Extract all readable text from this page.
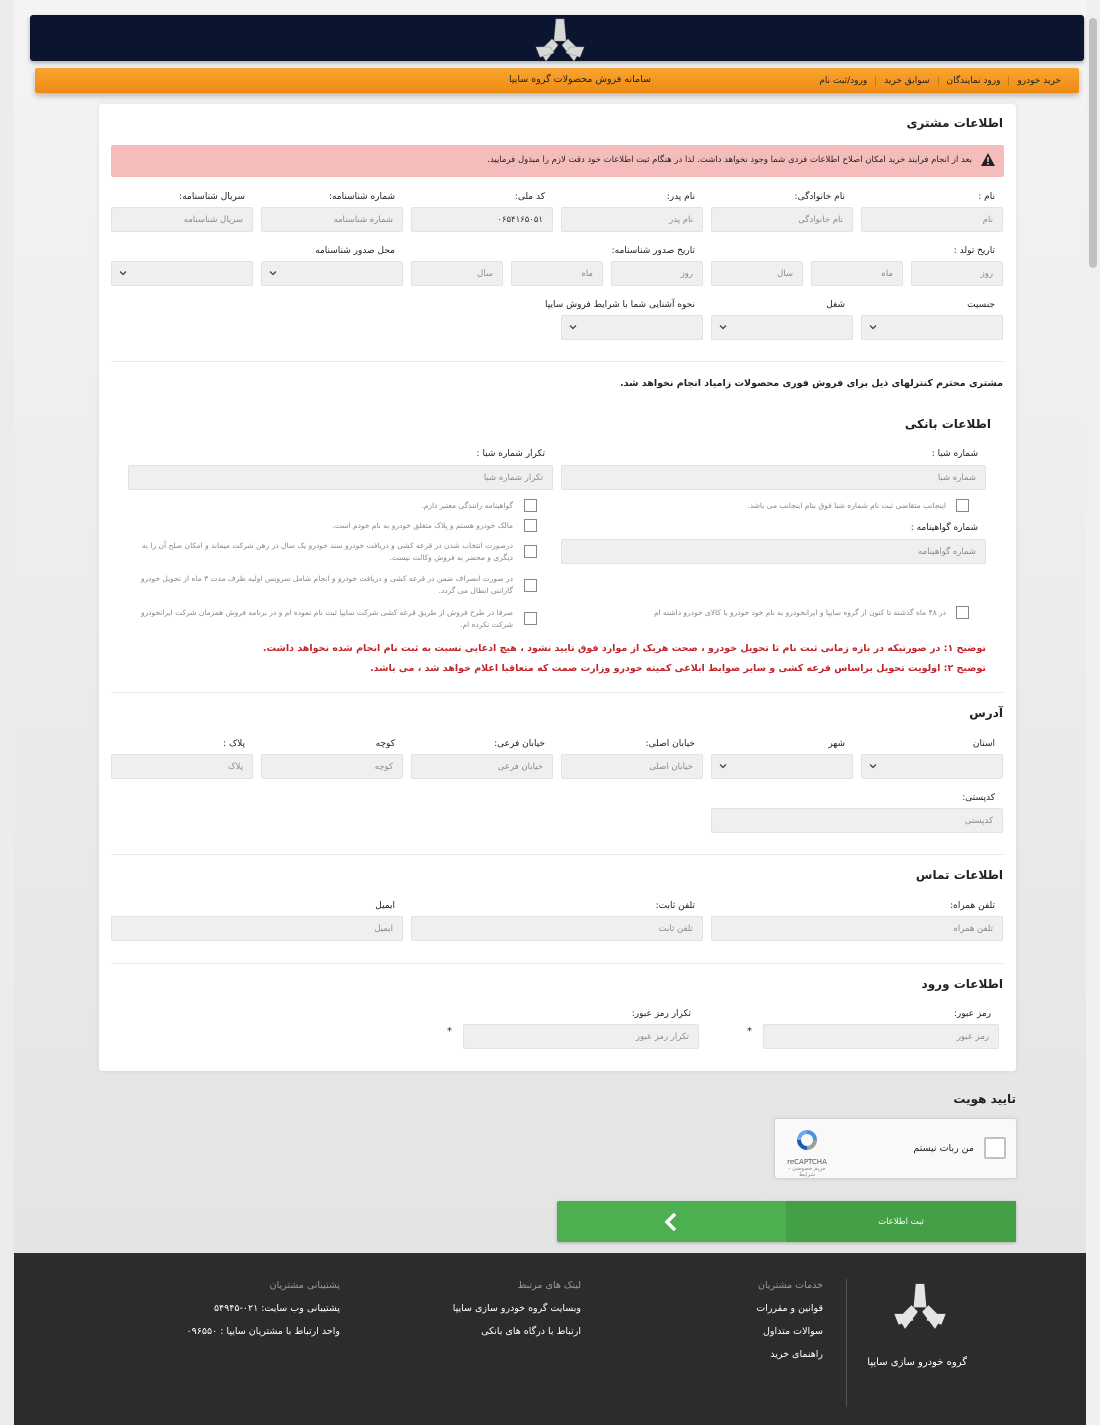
خرید خودرو
ورود نمایندگان
سوابق خرید
ورود/ثبت نام
سامانه فروش محصولات گروه سایپا
اطلاعات مشتری
بعد از انجام فرایند خرید امکان اصلاح اطلاعات فردی شما وجود نخواهد داشت. لذا در هنگام ثبت اطلاعات خود دقت لازم را مبذول فرمایید.
نام :
نام
نام خانوادگی:
نام خانوادگی
نام پدر:
نام پدر
کد ملی:
۰۶۵۴۱۶۵۰۵۱
شماره شناسنامه:
شماره شناسنامه
سریال شناسنامه:
سریال شناسنامه
تاریخ تولد :
روز
ماه
سال
تاریخ صدور شناسنامه:
روز
ماه
سال
محل صدور شناسنامه
جنسیت
شغل
نحوه آشنایی شما با شرایط فروش سایپا
مشتری محترم کنترلهای ذیل برای فروش فوری محصولات زامیاد انجام نخواهد شد.
اطلاعات بانکی
شماره شبا :
شماره شبا
تکرار شماره شبا :
تکرار شماره شبا
اینجانب متقاضی ثبت نام شماره شبا فوق بنام اینجانب می باشد.
شماره گواهینامه :
شماره گواهینامه
در ۴۸ ماه گذشته تا کنون از گروه سایپا و ایرانخودرو به نام خود خودرو یا کالای خودرو داشته ام
گواهینامه رانندگی معتبر دارم.
مالک خودرو هستم و پلاک متعلق خودرو به نام خودم است.
درصورت انتخاب شدن در قرعه کشی و دریافت خودرو سند خودرو یک سال در رهن شرکت میماند و امکان صلح آن را به دیگری و محضر به فروش وکالت نیست.
در صورت انصراف ضمن در قرعه کشی و دریافت خودرو و انجام شامل سرویس اولیه ظرف مدت ۳ ماه از تحویل خودرو گارانتی ابطال می گردد.
صرفا در طرح فروش از طریق قرعه کشی شرکت سایپا ثبت نام نموده ام و در برنامه فروش همزمان شرکت ایرانخودرو شرکت نکرده ام.
توضیح ۱: در صورتیکه در بازه زمانی ثبت نام تا تحویل خودرو ، صحت هریک از موارد فوق تایید نشود ، هیچ ادعایی نسبت به ثبت نام انجام شده نخواهد داشت.
توضیح ۲: اولویت تحویل براساس قرعه کشی و سایر ضوابط ابلاغی کمیته خودرو وزارت صمت که متعاقبا اعلام خواهد شد ، می باشد.
آدرس
استان
شهر
خیابان اصلی:
خیابان اصلی
خیابان فرعی:
خیابان فرعی
کوچه
کوچه
پلاک :
پلاک
کدپستی:
کدپستی
اطلاعات تماس
تلفن همراه:
تلفن همراه
تلفن ثابت:
تلفن ثابت
ایمیل
ایمیل
اطلاعات ورود
رمز عبور:
رمز عبور
*
تکرار رمز عبور:
تکرار رمز عبور
*
تایید هویت
من ربات نیستم
reCAPTCHA
حریم خصوصی - شرایط
ثبت اطلاعات
گروه خودرو سازی سایپا
خدمات مشتریان

قوانین و مقررات

سوالات متداول

راهنمای خرید

لینک های مرتبط

وبسایت گروه خودرو سازی سایپا

ارتباط با درگاه های بانکی

پشتیبانی مشتریان

پشتیبانی وب سایت: ۰۲۱-۵۴۹۴۵

واحد ارتباط با مشتریان سایپا : ۰۹۶۵۵۰
